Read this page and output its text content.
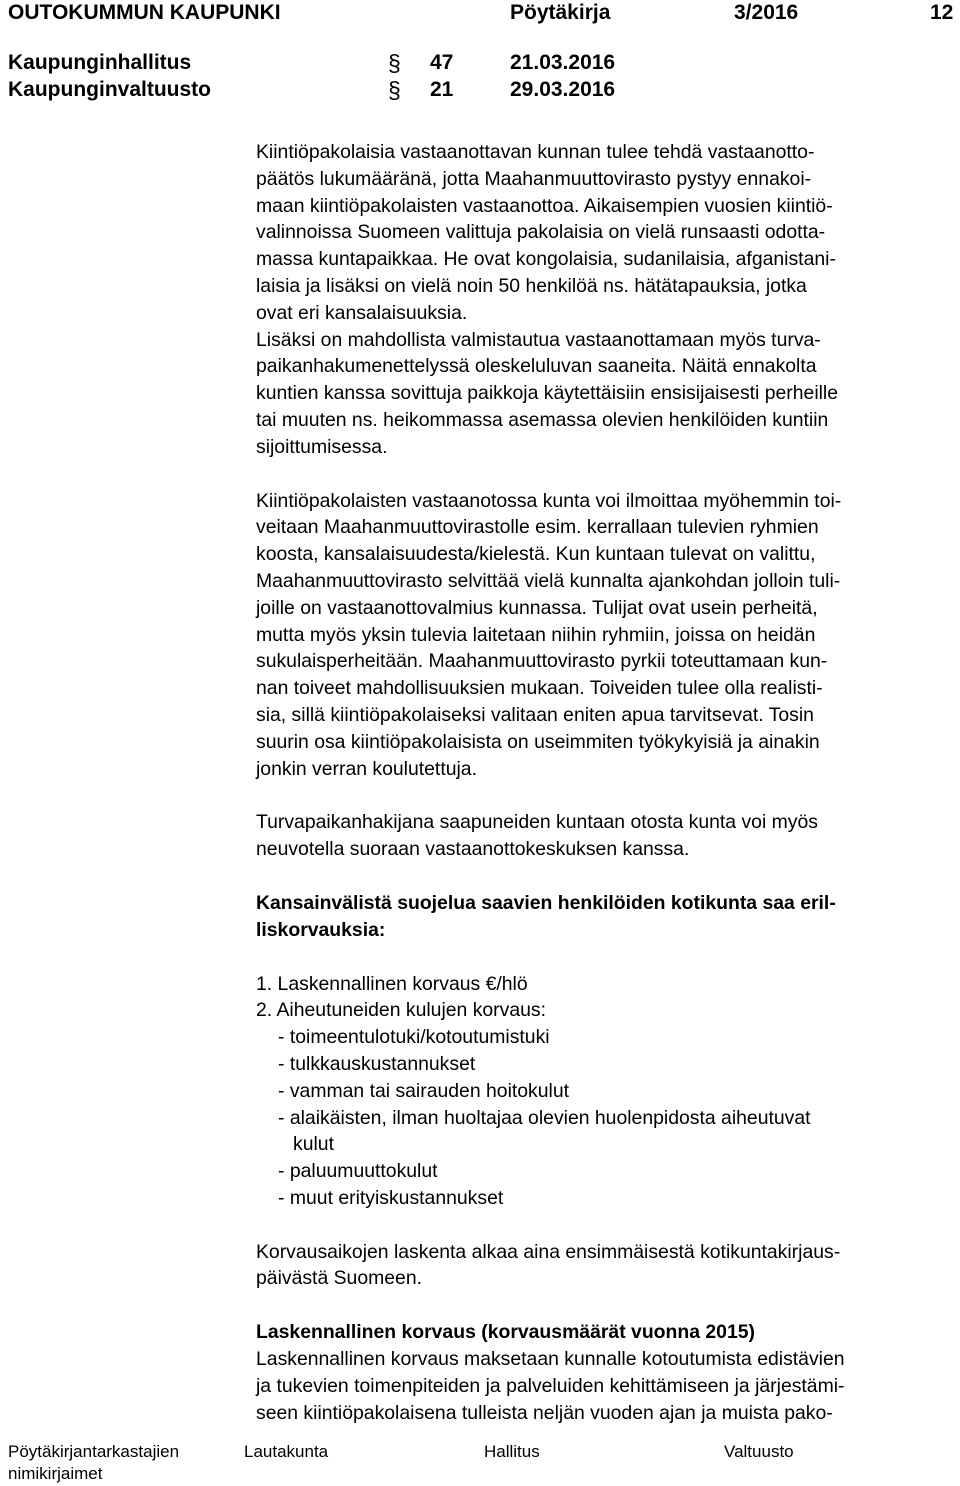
OUTOKUMMUN KAUPUNKI	Pöytäkirja	3/2016	12
Kaupunginhallitus	§ 47	21.03.2016
Kaupunginvaltuusto	§ 21	29.03.2016
Kiintiöpakolaisia vastaanottavan kunnan tulee tehdä vastaanotto-
päätös lukumääränä, jotta Maahanmuuttovirasto pystyy ennakoi-
maan kiintiöpakolaisten vastaanottoa. Aikaisempien vuosien kiintiö-
valinnoissa Suomeen valittuja pakolaisia on vielä runsaasti odotta-
massa kuntapaikkaa. He ovat kongolaisia, sudanilaisia, afganistani-
laisia ja lisäksi on vielä noin 50 henkilöä ns. hätätapauksia, jotka
ovat eri kansalaisuuksia.
Lisäksi on mahdollista valmistautua vastaanottamaan myös turva-
paikanhakumenettelyssä oleskeluluvan saaneita. Näitä ennakolta
kuntien kanssa sovittuja paikkoja käytettäisiin ensisijaisesti perheille
tai muuten ns. heikommassa asemassa olevien henkilöiden kuntiin
sijoittumisessa.
Kiintiöpakolaisten vastaanotossa kunta voi ilmoittaa myöhemmin toi-
veitaan Maahanmuuttovirastolle esim. kerrallaan tulevien ryhmien
koosta, kansalaisuudesta/kielestä. Kun kuntaan tulevat on valittu,
Maahanmuuttovirasto selvittää vielä kunnalta ajankohdan jolloin tuli-
joille on vastaanottovalmius kunnassa. Tulijat ovat usein perheitä,
mutta myös yksin tulevia laitetaan niihin ryhmiin, joissa on heidän
sukulaisperheitään. Maahanmuuttovirasto pyrkii toteuttamaan kun-
nan toiveet mahdollisuuksien mukaan. Toiveiden tulee olla realisti-
sia, sillä kiintiöpakolaiseksi valitaan eniten apua tarvitsevat. Tosin
suurin osa kiintiöpakolaisista on useimmiten työkykyisiä ja ainakin
jonkin verran koulutettuja.
Turvapaikanhakijana saapuneiden kuntaan otosta kunta voi myös
neuvotella suoraan vastaanottokeskuksen kanssa.
Kansainvälistä suojelua saavien henkilöiden kotikunta saa eril-
liskorvauksia:
1. Laskennallinen korvaus €/hlö
2. Aiheutuneiden kulujen korvaus:
- toimeentulotuki/kotoutumistuki
- tulkkauskustannukset
- vamman tai sairauden hoitokulut
- alaikäisten, ilman huoltajaa olevien huolenpidosta aiheutuvat
kulut
- paluumuuttokulut
- muut erityiskustannukset
Korvausaikojen laskenta alkaa aina ensimmäisestä kotikuntakirjaus-
päivästä Suomeen.
Laskennallinen korvaus (korvausmäärät vuonna 2015)
Laskennallinen korvaus maksetaan kunnalle kotoutumista edistävien
ja tukevien toimenpiteiden ja palveluiden kehittämiseen ja järjestämi-
seen kiintiöpakolaisena tulleista neljän vuoden ajan ja muista pako-
Pöytäkirjantarkastajien
nimikirjaimet
Lautakunta	Hallitus	Valtuusto
